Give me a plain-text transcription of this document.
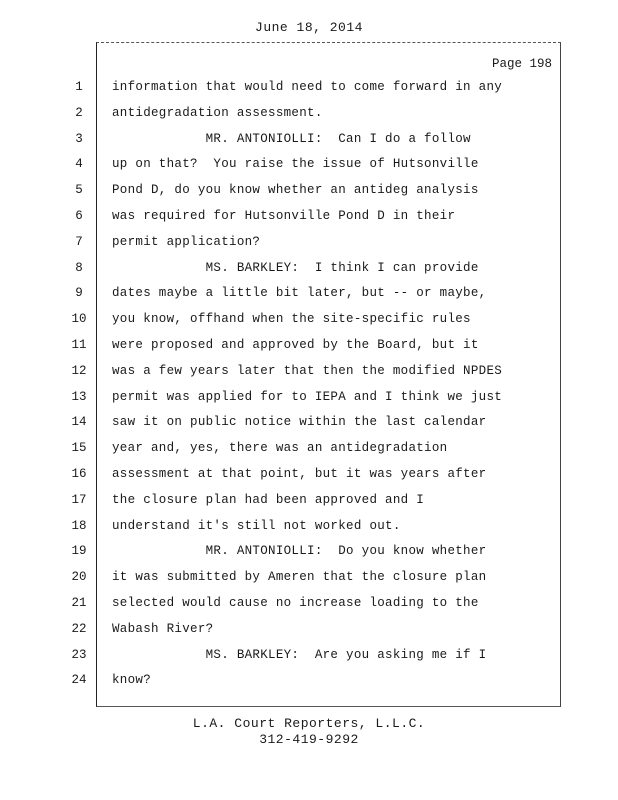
June 18, 2014
Page 198
1	information that would need to come forward in any
2	antidegradation assessment.
3	MR. ANTONIOLLI:  Can I do a follow
4	up on that?  You raise the issue of Hutsonville
5	Pond D, do you know whether an antideg analysis
6	was required for Hutsonville Pond D in their
7	permit application?
8	MS. BARKLEY:  I think I can provide
9	dates maybe a little bit later, but -- or maybe,
10	you know, offhand when the site-specific rules
11	were proposed and approved by the Board, but it
12	was a few years later that then the modified NPDES
13	permit was applied for to IEPA and I think we just
14	saw it on public notice within the last calendar
15	year and, yes, there was an antidegradation
16	assessment at that point, but it was years after
17	the closure plan had been approved and I
18	understand it's still not worked out.
19	MR. ANTONIOLLI:  Do you know whether
20	it was submitted by Ameren that the closure plan
21	selected would cause no increase loading to the
22	Wabash River?
23	MS. BARKLEY:  Are you asking me if I
24	know?
L.A. Court Reporters, L.L.C.
312-419-9292
